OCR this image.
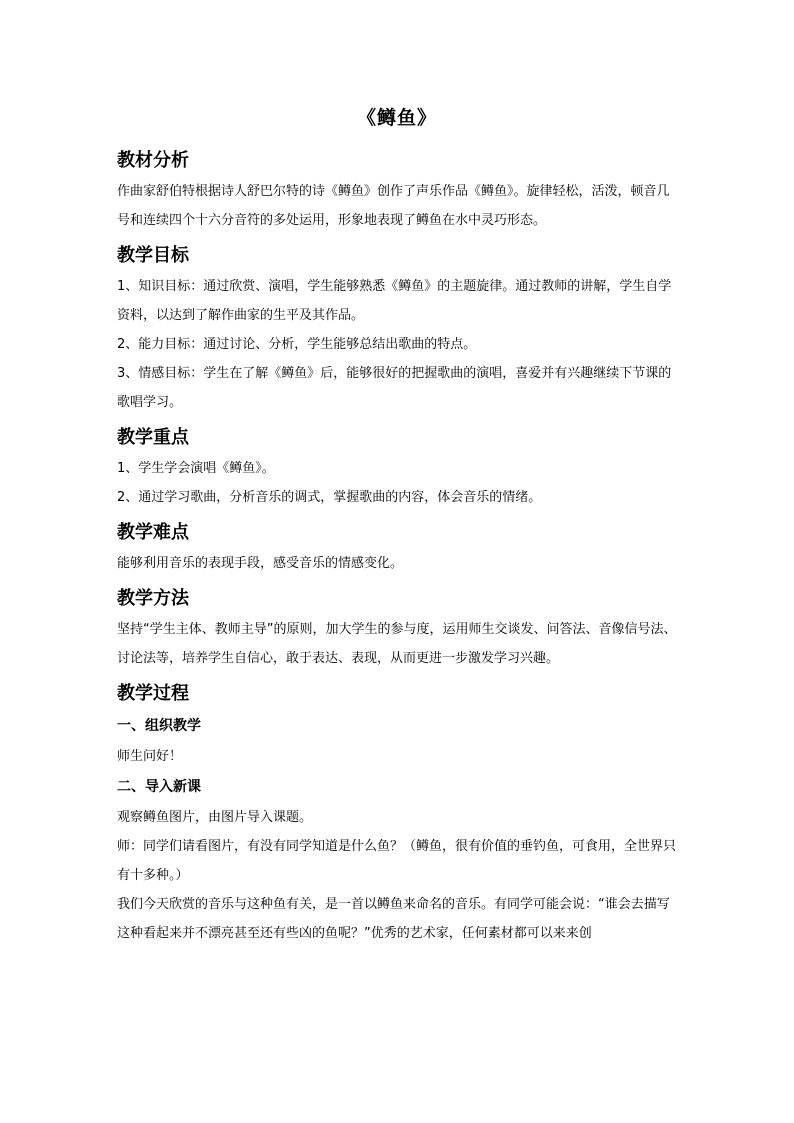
《鳟鱼》
教材分析

作曲家舒伯特根据诗人舒巴尔特的诗《鳟鱼》创作了声乐作品《鳟鱼》。旋律轻松，活泼，顿音几号和连续四个十六分音符的多处运用，形象地表现了鳟鱼在水中灵巧形态。

教学目标

1、知识目标：通过欣赏、演唱，学生能够熟悉《鳟鱼》的主题旋律。通过教师的讲解，学生自学资料，以达到了解作曲家的生平及其作品。

2、能力目标：通过讨论、分析，学生能够总结出歌曲的特点。

3、情感目标：学生在了解《鳟鱼》后，能够很好的把握歌曲的演唱，喜爱并有兴趣继续下节课的歌唱学习。

教学重点

1、学生学会演唱《鳟鱼》。

2、通过学习歌曲，分析音乐的调式，掌握歌曲的内容，体会音乐的情绪。

教学难点

能够利用音乐的表现手段，感受音乐的情感变化。

教学方法

坚持“学生主体、教师主导”的原则，加大学生的参与度，运用师生交谈发、问答法、音像信号法、讨论法等，培养学生自信心，敢于表达、表现，从而更进一步激发学习兴趣。

教学过程
一、组织教学

师生问好！

二、导入新课

观察鳟鱼图片，由图片导入课题。

师：同学们请看图片，有没有同学知道是什么鱼？（鳟鱼，很有价值的垂钓鱼，可食用，全世界只有十多种。）

我们今天欣赏的音乐与这种鱼有关，是一首以鳟鱼来命名的音乐。有同学可能会说：“谁会去描写这种看起来并不漂亮甚至还有些凶的鱼呢？”优秀的艺术家，任何素材都可以来来创
